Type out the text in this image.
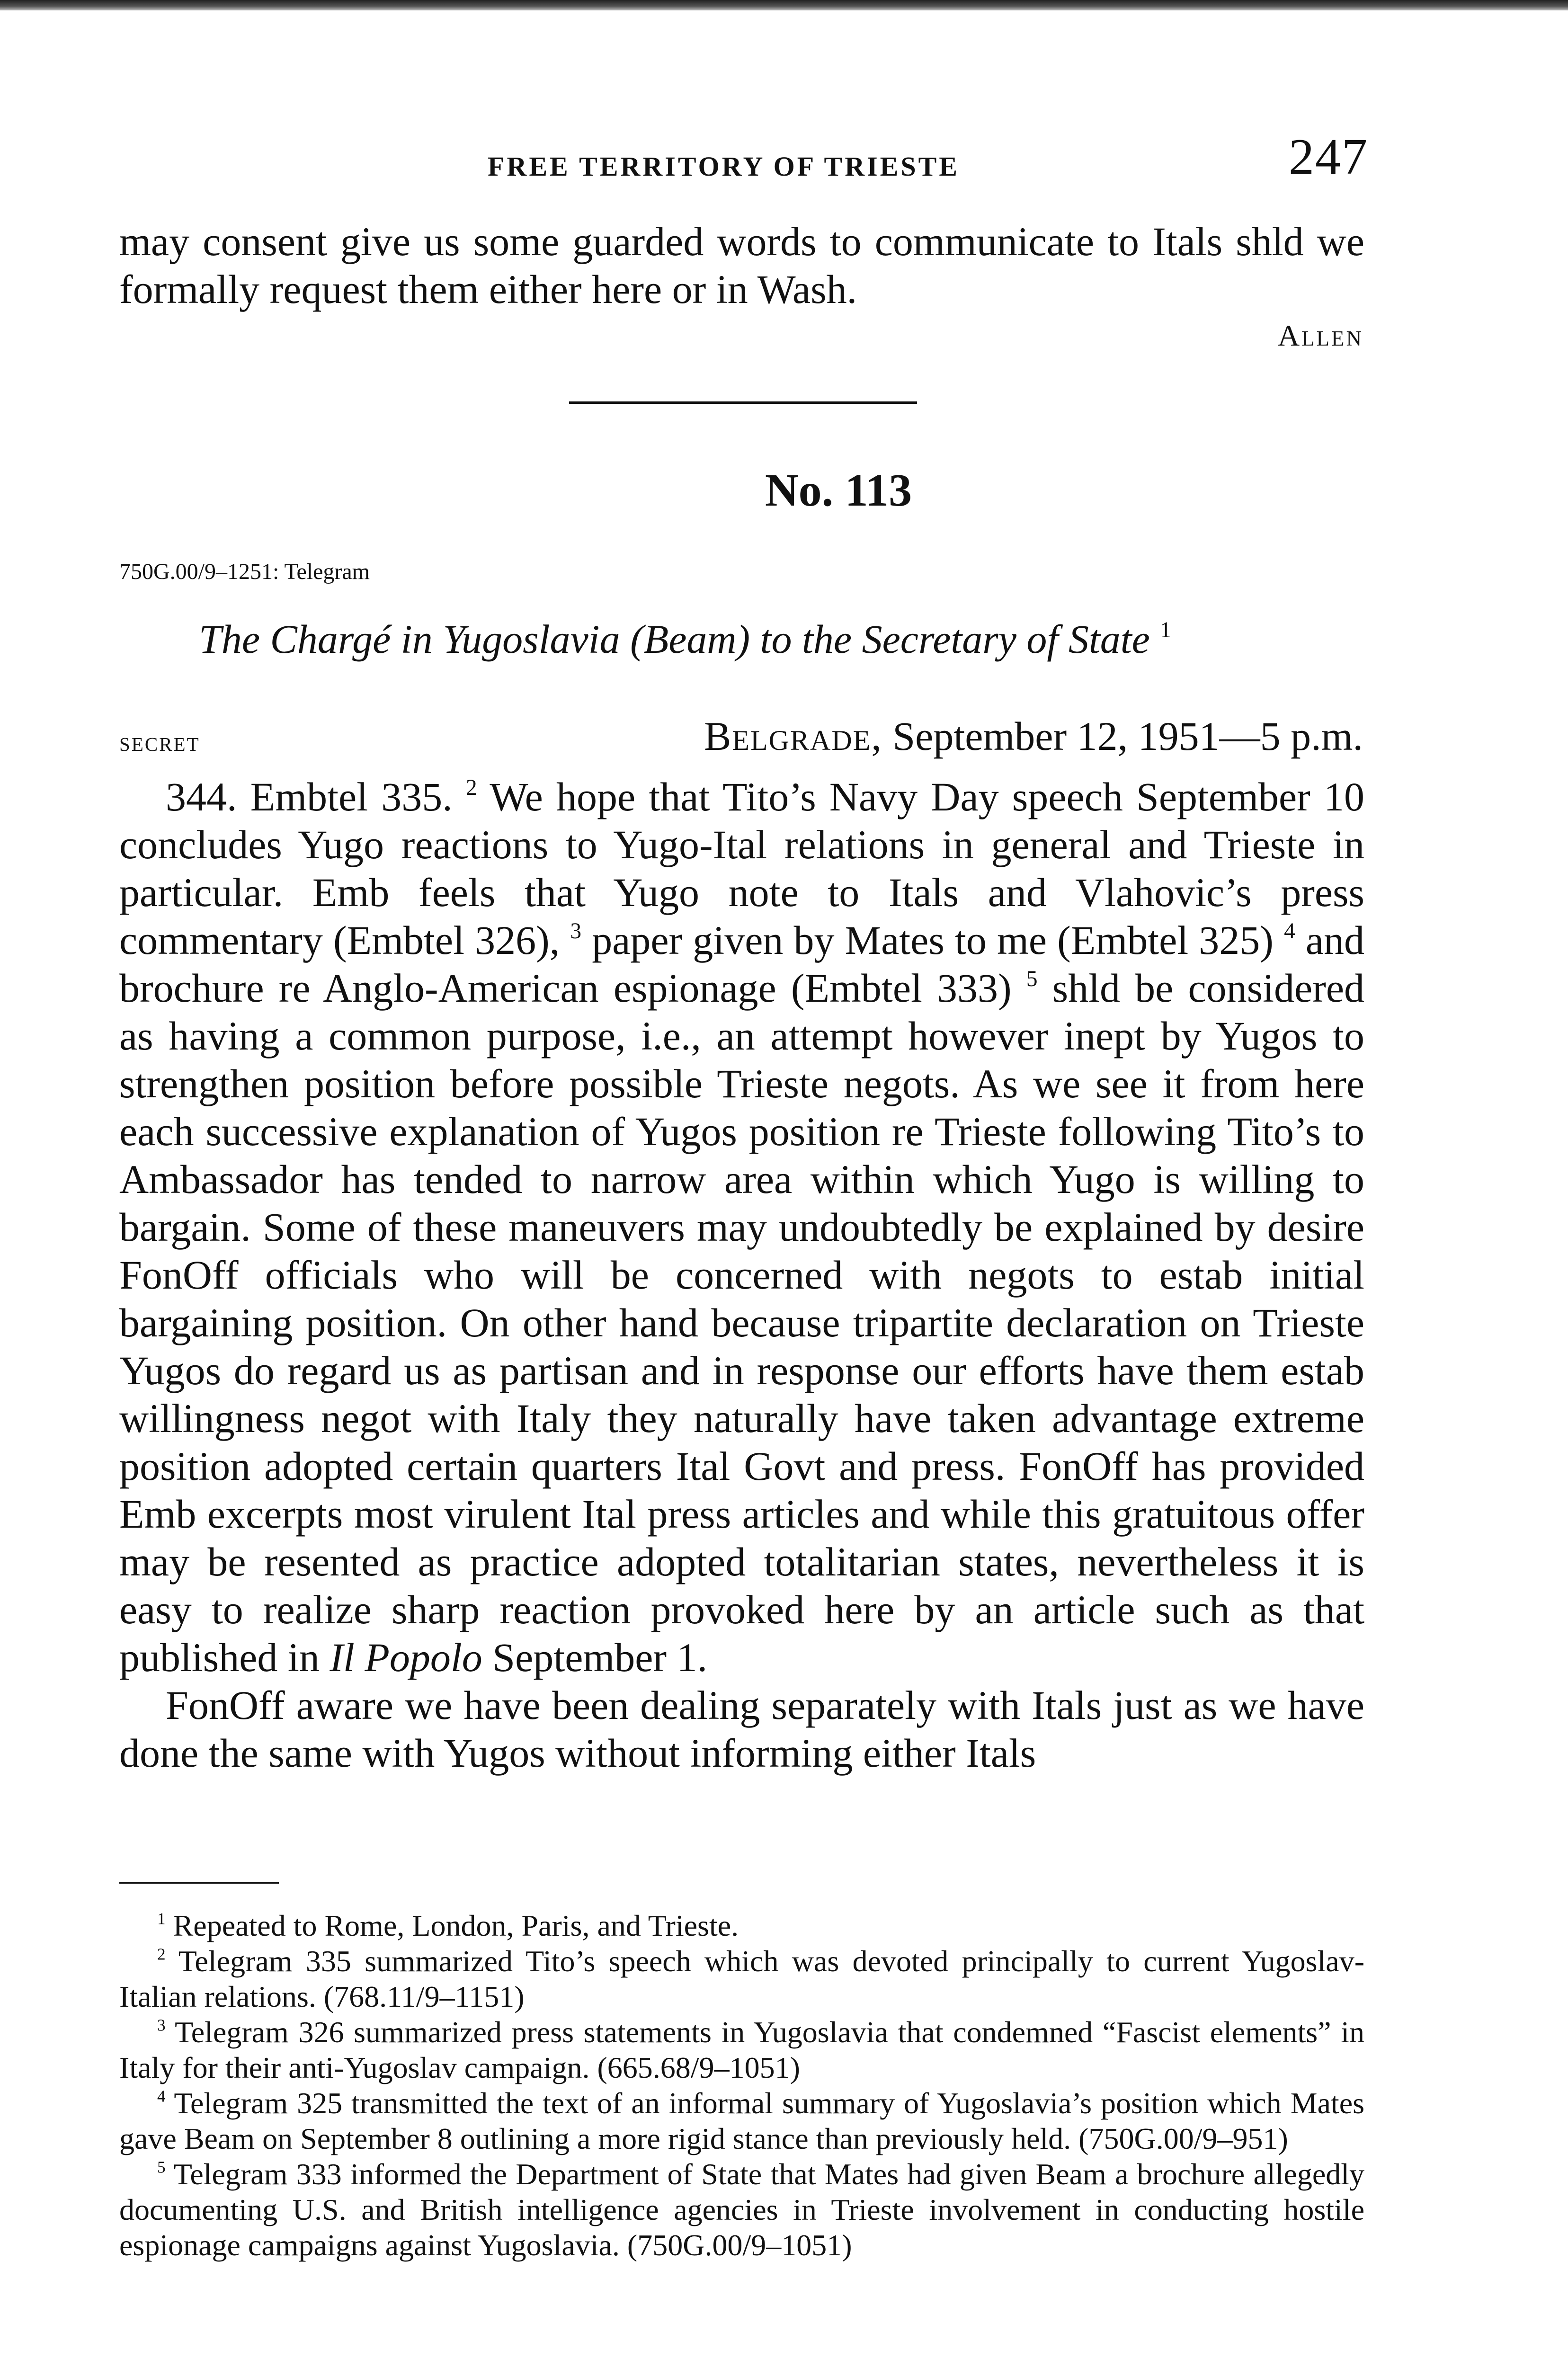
FREE TERRITORY OF TRIESTE	247
may consent give us some guarded words to communicate to Itals shld we formally request them either here or in Wash.
Allen
No. 113
750G.00/9–1251: Telegram
The Chargé in Yugoslavia (Beam) to the Secretary of State $^1$
secret	Belgrade, September 12, 1951—5 p.m.

344. Embtel 335. $^2$ We hope that Tito’s Navy Day speech September 10 concludes Yugo reactions to Yugo-Ital relations in general and Trieste in particular. Emb feels that Yugo note to Itals and Vlahovic’s press commentary (Embtel 326), $^3$ paper given by Mates to me (Embtel 325) $^4$ and brochure re Anglo-American espionage (Embtel 333) $^5$ shld be considered as having a common purpose, i.e., an attempt however inept by Yugos to strengthen position before possible Trieste negots. As we see it from here each successive explanation of Yugos position re Trieste following Tito’s to Ambassador has tended to narrow area within which Yugo is willing to bargain. Some of these maneuvers may undoubtedly be explained by desire FonOff officials who will be concerned with negots to estab initial bargaining position. On other hand because tripartite declaration on Trieste Yugos do regard us as partisan and in response our efforts have them estab willingness negot with Italy they naturally have taken advantage extreme position adopted certain quarters Ital Govt and press. FonOff has provided Emb excerpts most virulent Ital press articles and while this gratuitous offer may be resented as practice adopted totalitarian states, nevertheless it is easy to realize sharp reaction provoked here by an article such as that published in Il Popolo September 1.

FonOff aware we have been dealing separately with Itals just as we have done the same with Yugos without informing either Itals

$^1$ Repeated to Rome, London, Paris, and Trieste.

$^2$ Telegram 335 summarized Tito’s speech which was devoted principally to current Yugoslav-Italian relations. (768.11/9–1151)

$^3$ Telegram 326 summarized press statements in Yugoslavia that condemned “Fascist elements” in Italy for their anti-Yugoslav campaign. (665.68/9–1051)

$^4$ Telegram 325 transmitted the text of an informal summary of Yugoslavia’s position which Mates gave Beam on September 8 outlining a more rigid stance than previously held. (750G.00/9–951)

$^5$ Telegram 333 informed the Department of State that Mates had given Beam a brochure allegedly documenting U.S. and British intelligence agencies in Trieste involvement in conducting hostile espionage campaigns against Yugoslavia. (750G.00/9–1051)
